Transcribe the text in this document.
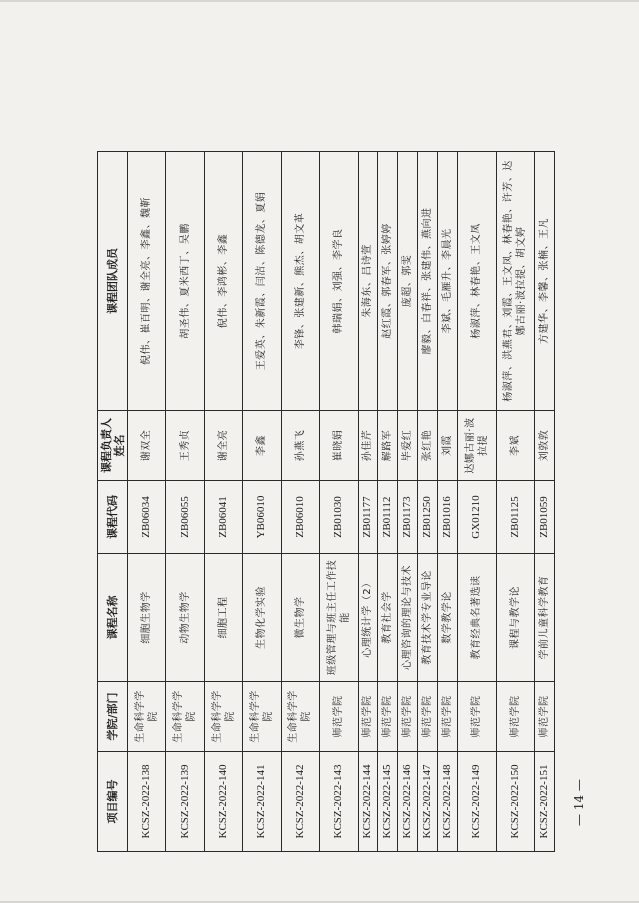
项目编号	学院/部门	课程名称	课程代码	课程负责人姓名	课程团队成员
KCSZ-2022-138	生命科学学院	细胞生物学	ZB06034	谢双全	倪伟、崔百明、谢全亮、李鑫、魏靳
KCSZ-2022-139	生命科学学院	动物生物学	ZB06055	王秀贞	胡圣伟、夏米西丁、吴鹏
KCSZ-2022-140	生命科学学院	细胞工程	ZB06041	谢全亮	倪伟、李鸿彬、李鑫
KCSZ-2022-141	生命科学学院	生物化学实验	YB06010	李鑫	王爱英、朱新霞、闫洁、陈德龙、夏娟
KCSZ-2022-142	生命科学学院	微生物学	ZB06010	孙燕飞	李锋、张建新、熊杰、胡文革
KCSZ-2022-143	师范学院	班级管理与班主任工作技能	ZB01030	崔晓娟	韩瑞娟、刘强、李学良
KCSZ-2022-144	师范学院	心理统计学（2）	ZB01177	孙佳芹	朱海东、吕诗萱
KCSZ-2022-145	师范学院	教育社会学	ZB01112	解路军	赵红霞、郭春军、张婷婷
KCSZ-2022-146	师范学院	心理咨询的理论与技术	ZB01173	毕爱红	庞超、郭雯
KCSZ-2022-147	师范学院	教育技术学专业导论	ZB01250	张红艳	廖毅、白春祥、张建伟、燕向进
KCSZ-2022-148	师范学院	数学教学论	ZB01016	刘霞	李斌、毛雁升、李晨光
KCSZ-2022-149	师范学院	教育经典名著选读	GX01210	达娜古丽·波拉提	杨淑萍、林春艳、王文凤
KCSZ-2022-150	师范学院	课程与教学论	ZB01125	李斌	杨淑萍、洪燕君、刘霞、王文凤、林春艳、许芳、达娜古丽·波拉提、胡文婷
KCSZ-2022-151	师范学院	学前儿童科学教育	ZB01059	刘敦敦	方建华、李馨、张楠、王凡
— 14 —
